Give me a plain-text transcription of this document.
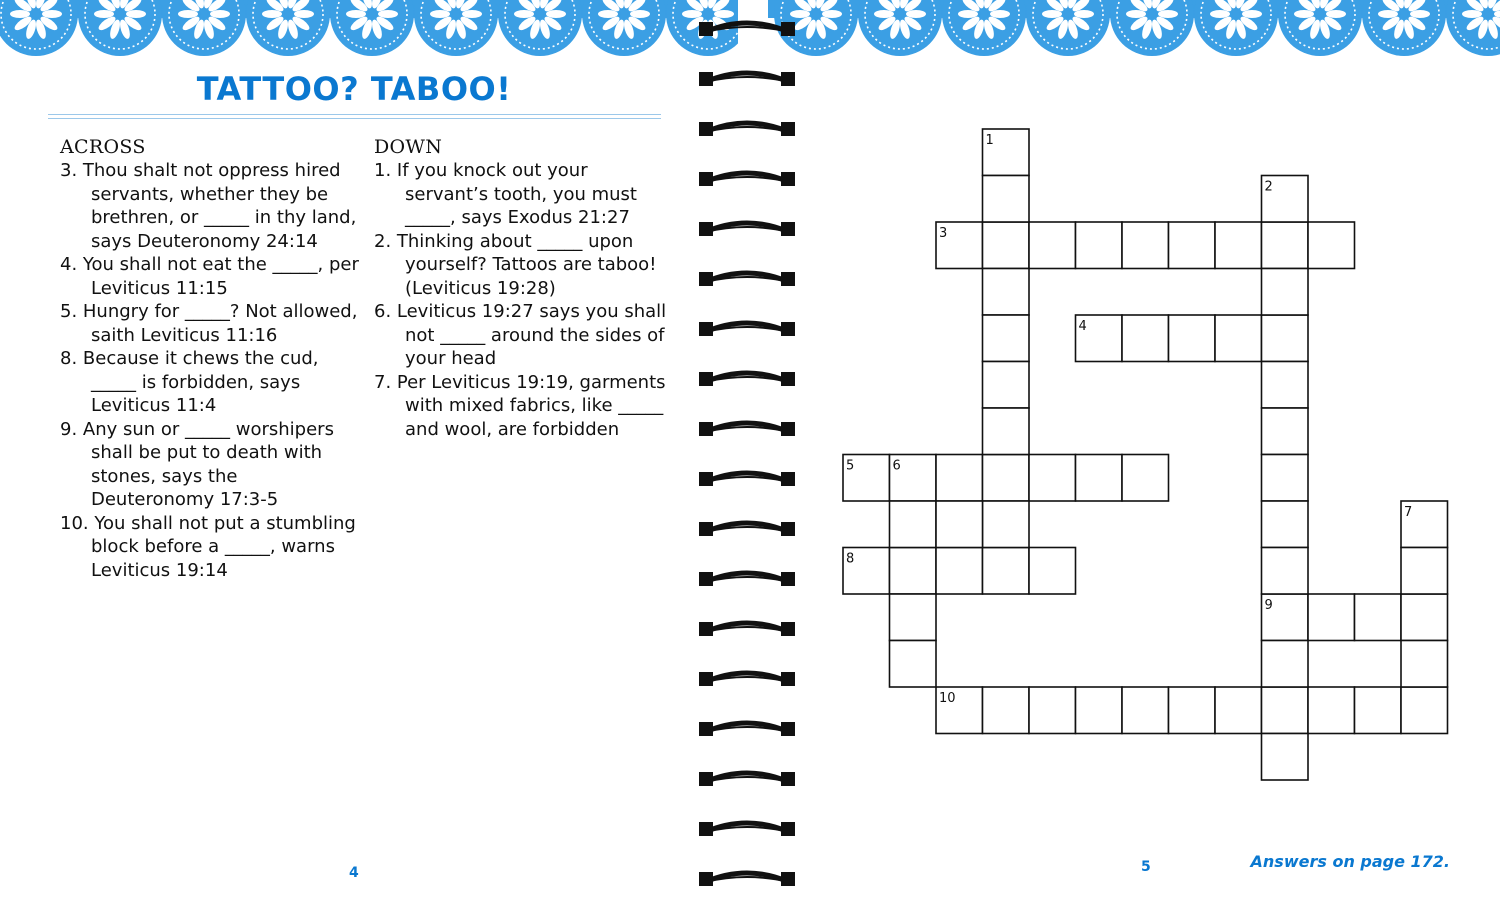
TATTOO? TABOO!
ACROSS
3. Thou shalt not oppress hired servants, whether they be brethren, or _____ in thy land, says Deuteronomy 24:14
4. You shall not eat the _____, per Leviticus 11:15
5. Hungry for _____? Not allowed, saith Leviticus 11:16
8. Because it chews the cud, _____ is forbidden, says Leviticus 11:4
9. Any sun or _____ worshipers shall be put to death with stones, says the Deuteronomy 17:3-5
10. You shall not put a stumbling block before a _____, warns Leviticus 19:14
DOWN
1. If you knock out your servant’s tooth, you must _____, says Exodus 21:27
2. Thinking about _____ upon yourself? Tattoos are taboo! (Leviticus 19:28)
6. Leviticus 19:27 says you shall not _____ around the sides of your head
7. Per Leviticus 19:19, garments with mixed fabrics, like _____ and wool, are forbidden
4
1
2
3
4
5	6
7
8
9
10
5	Answers on page 172.
